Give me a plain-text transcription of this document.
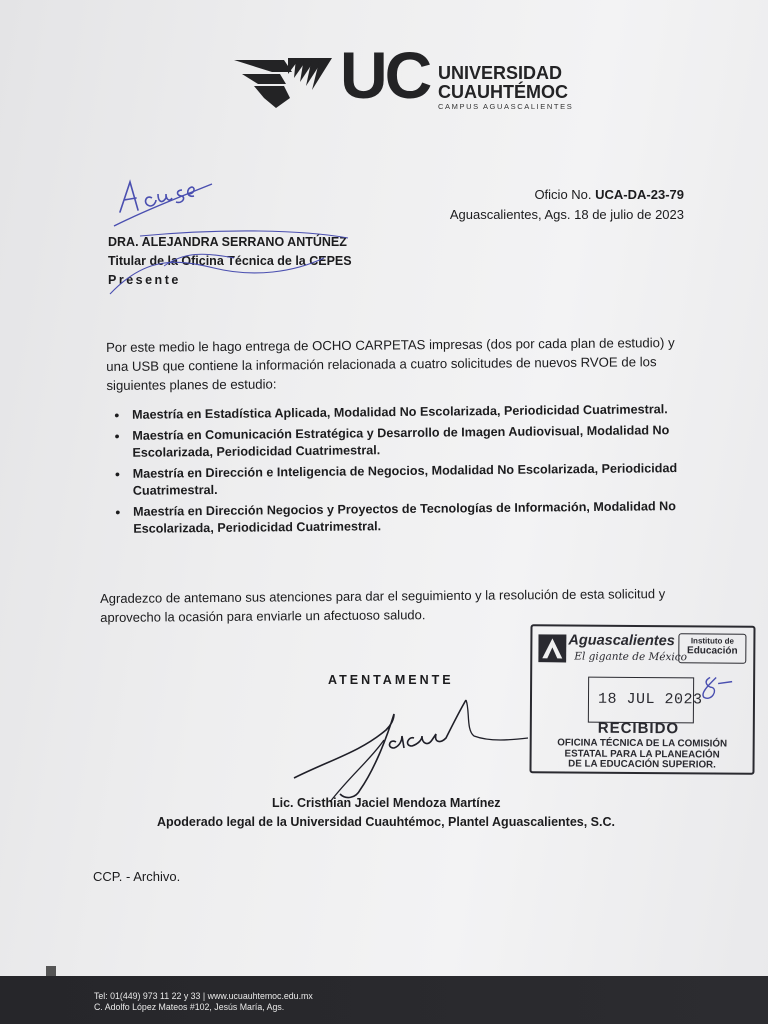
UC UNIVERSIDAD
CUAUHTÉMOC
CAMPUS AGUASCALIENTES
Oficio No. UCA-DA-23-79
Aguascalientes, Ags. 18 de julio de 2023
DRA. ALEJANDRA SERRANO ANTÚNEZ
Titular de la Oficina Técnica de la CEPES
Presente
Por este medio le hago entrega de OCHO CARPETAS impresas (dos por cada plan de estudio) y una USB que contiene la información relacionada a cuatro solicitudes de nuevos RVOE de los siguientes planes de estudio:
● Maestría en Estadística Aplicada, Modalidad No Escolarizada, Periodicidad Cuatrimestral.
● Maestría en Comunicación Estratégica y Desarrollo de Imagen Audiovisual, Modalidad No Escolarizada, Periodicidad Cuatrimestral.
● Maestría en Dirección e Inteligencia de Negocios, Modalidad No Escolarizada, Periodicidad Cuatrimestral.
● Maestría en Dirección Negocios y Proyectos de Tecnologías de Información, Modalidad No Escolarizada, Periodicidad Cuatrimestral.
Agradezco de antemano sus atenciones para dar el seguimiento y la resolución de esta solicitud y aprovecho la ocasión para enviarle un afectuoso saludo.
ATENTAMENTE
Lic. Cristhian Jaciel Mendoza Martínez
Apoderado legal de la Universidad Cuauhtémoc, Plantel Aguascalientes, S.C.
CCP. - Archivo.
Aguascalientes
El gigante de México
Instituto de
Educación
18 JUL 2023
RECIBIDO
OFICINA TÉCNICA DE LA COMISIÓN
ESTATAL PARA LA PLANEACIÓN
DE LA EDUCACIÓN SUPERIOR.
Tel: 01(449) 973 11 22 y 33 | www.ucuauhtemoc.edu.mx
C. Adolfo López Mateos #102, Jesús María, Ags.
